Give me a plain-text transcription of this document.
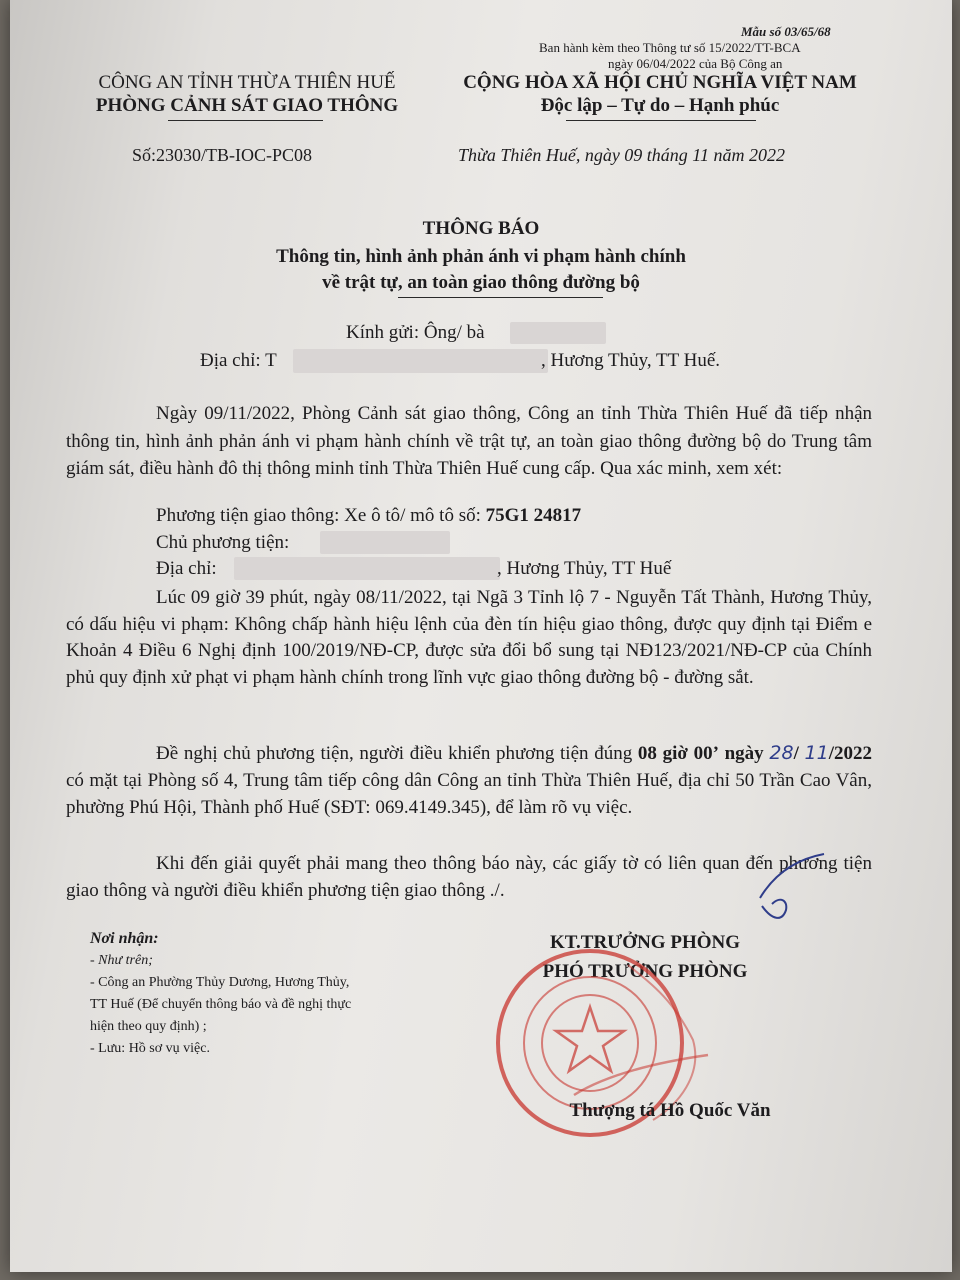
Mẫu số 03/65/68
Ban hành kèm theo Thông tư số 15/2022/TT-BCA
ngày 06/04/2022 của Bộ Công an
CÔNG AN TỈNH THỪA THIÊN HUẾ
PHÒNG CẢNH SÁT GIAO THÔNG
Số:23030/TB-IOC-PC08
CỘNG HÒA XÃ HỘI CHỦ NGHĨA VIỆT NAM
Độc lập – Tự do – Hạnh phúc
Thừa Thiên Huế, ngày 09 tháng 11 năm 2022
THÔNG BÁO
Thông tin, hình ảnh phản ánh vi phạm hành chính
về trật tự, an toàn giao thông đường bộ
Kính gửi: Ông/ bà
Địa chỉ: T	, Hương Thủy, TT Huế.

Ngày 09/11/2022, Phòng Cảnh sát giao thông, Công an tỉnh Thừa Thiên Huế đã tiếp nhận thông tin, hình ảnh phản ánh vi phạm hành chính về trật tự, an toàn giao thông đường bộ do Trung tâm giám sát, điều hành đô thị thông minh tỉnh Thừa Thiên Huế cung cấp. Qua xác minh, xem xét:

Phương tiện giao thông: Xe ô tô/ mô tô số: 75G1 24817
Chủ phương tiện:
Địa chỉ:	, Hương Thủy, TT Huế

Lúc 09 giờ 39 phút, ngày 08/11/2022, tại Ngã 3 Tỉnh lộ 7 - Nguyễn Tất Thành, Hương Thủy, có dấu hiệu vi phạm: Không chấp hành hiệu lệnh của đèn tín hiệu giao thông, được quy định tại Điểm e Khoản 4 Điều 6 Nghị định 100/2019/NĐ-CP, được sửa đổi bổ sung tại NĐ123/2021/NĐ-CP của Chính phủ quy định xử phạt vi phạm hành chính trong lĩnh vực giao thông đường bộ - đường sắt.

Đề nghị chủ phương tiện, người điều khiển phương tiện đúng 08 giờ 00’ ngày 28/ 11/2022 có mặt tại Phòng số 4, Trung tâm tiếp công dân Công an tỉnh Thừa Thiên Huế, địa chỉ 50 Trần Cao Vân, phường Phú Hội, Thành phố Huế (SĐT: 069.4149.345), để làm rõ vụ việc.

Khi đến giải quyết phải mang theo thông báo này, các giấy tờ có liên quan đến phương tiện giao thông và người điều khiển phương tiện giao thông ./.

Nơi nhận:
- Như trên;
- Công an Phường Thủy Dương, Hương Thủy,
TT Huế (Để chuyển thông báo và đề nghị thực
hiện theo quy định) ;
- Lưu: Hồ sơ vụ việc.
KT.TRƯỞNG PHÒNG
PHÓ TRƯỞNG PHÒNG
Thượng tá Hồ Quốc Văn
